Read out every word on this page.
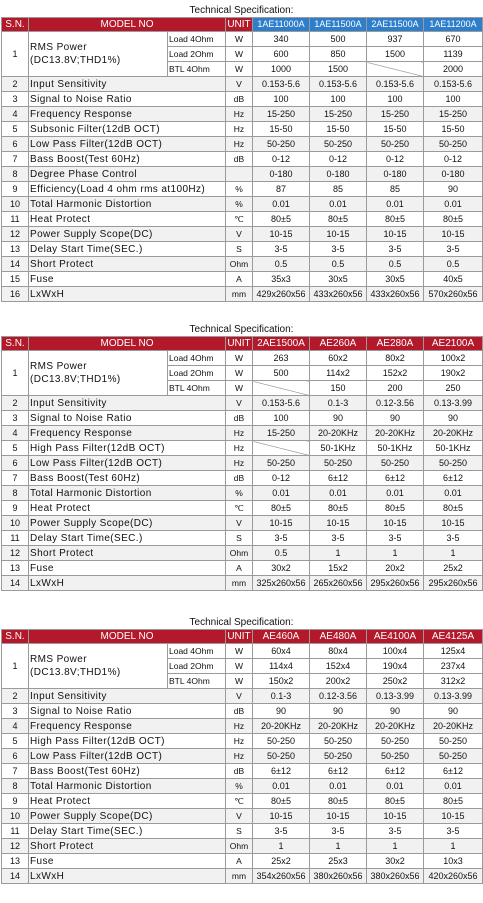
Technical Specification:
S.N.	MODEL NO		UNIT	1AE11000A	1AE11500A	2AE11500A	1AE11200A
1	RMS Power
(DC13.8V;THD1%)	Load 4Ohm	W	340	500	937	670
		Load 2Ohm	W	600	850	1500	1139
		BTL 4Ohm	W	1000	1500		2000
2	Input Sensitivity		V	0.153-5.6	0.153-5.6	0.153-5.6	0.153-5.6
3	Signal to Noise Ratio		dB	100	100	100	100
4	Frequency Response		Hz	15-250	15-250	15-250	15-250
5	Subsonic Filter(12dB OCT)		Hz	15-50	15-50	15-50	15-50
6	Low Pass Filter(12dB OCT)		Hz	50-250	50-250	50-250	50-250
7	Bass Boost(Test 60Hz)		dB	0-12	0-12	0-12	0-12
8	Degree Phase Control			0-180	0-180	0-180	0-180
9	Efficiency(Load 4 ohm rms at100Hz)		%	87	85	85	90
10	Total Harmonic Distortion		%	0.01	0.01	0.01	0.01
11	Heat Protect		℃	80±5	80±5	80±5	80±5
12	Power Supply Scope(DC)		V	10-15	10-15	10-15	10-15
13	Delay Start Time(SEC.)		S	3-5	3-5	3-5	3-5
14	Short Protect		Ohm	0.5	0.5	0.5	0.5
15	Fuse		A	35x3	30x5	30x5	40x5
16	LxWxH		mm	429x260x56	433x260x56	433x260x56	570x260x56
Technical Specification:
S.N.	MODEL NO		UNIT	2AE1500A	AE260A	AE280A	AE2100A
1	RMS Power
(DC13.8V;THD1%)	Load 4Ohm	W	263	60x2	80x2	100x2
		Load 2Ohm	W	500	114x2	152x2	190x2
		BTL 4Ohm	W		150	200	250
2	Input Sensitivity		V	0.153-5.6	0.1-3	0.12-3.56	0.13-3.99
3	Signal to Noise Ratio		dB	100	90	90	90
4	Frequency Response		Hz	15-250	20-20KHz	20-20KHz	20-20KHz
5	High Pass Filter(12dB OCT)		Hz		50-1KHz	50-1KHz	50-1KHz
6	Low Pass Filter(12dB OCT)		Hz	50-250	50-250	50-250	50-250
7	Bass Boost(Test 60Hz)		dB	0-12	6±12	6±12	6±12
8	Total Harmonic Distortion		%	0.01	0.01	0.01	0.01
9	Heat Protect		℃	80±5	80±5	80±5	80±5
10	Power Supply Scope(DC)		V	10-15	10-15	10-15	10-15
11	Delay Start Time(SEC.)		S	3-5	3-5	3-5	3-5
12	Short Protect		Ohm	0.5	1	1	1
13	Fuse		A	30x2	15x2	20x2	25x2
14	LxWxH		mm	325x260x56	265x260x56	295x260x56	295x260x56
Technical Specification:
S.N.	MODEL NO		UNIT	AE460A	AE480A	AE4100A	AE4125A
1	RMS Power
(DC13.8V;THD1%)	Load 4Ohm	W	60x4	80x4	100x4	125x4
		Load 2Ohm	W	114x4	152x4	190x4	237x4
		BTL 4Ohm	W	150x2	200x2	250x2	312x2
2	Input Sensitivity		V	0.1-3	0.12-3.56	0.13-3.99	0.13-3.99
3	Signal to Noise Ratio		dB	90	90	90	90
4	Frequency Response		Hz	20-20KHz	20-20KHz	20-20KHz	20-20KHz
5	High Pass Filter(12dB OCT)		Hz	50-250	50-250	50-250	50-250
6	Low Pass Filter(12dB OCT)		Hz	50-250	50-250	50-250	50-250
7	Bass Boost(Test 60Hz)		dB	6±12	6±12	6±12	6±12
8	Total Harmonic Distortion		%	0.01	0.01	0.01	0.01
9	Heat Protect		℃	80±5	80±5	80±5	80±5
10	Power Supply Scope(DC)		V	10-15	10-15	10-15	10-15
11	Delay Start Time(SEC.)		S	3-5	3-5	3-5	3-5
12	Short Protect		Ohm	1	1	1	1
13	Fuse		A	25x2	25x3	30x2	10x3
14	LxWxH		mm	354x260x56	380x260x56	380x260x56	420x260x56
